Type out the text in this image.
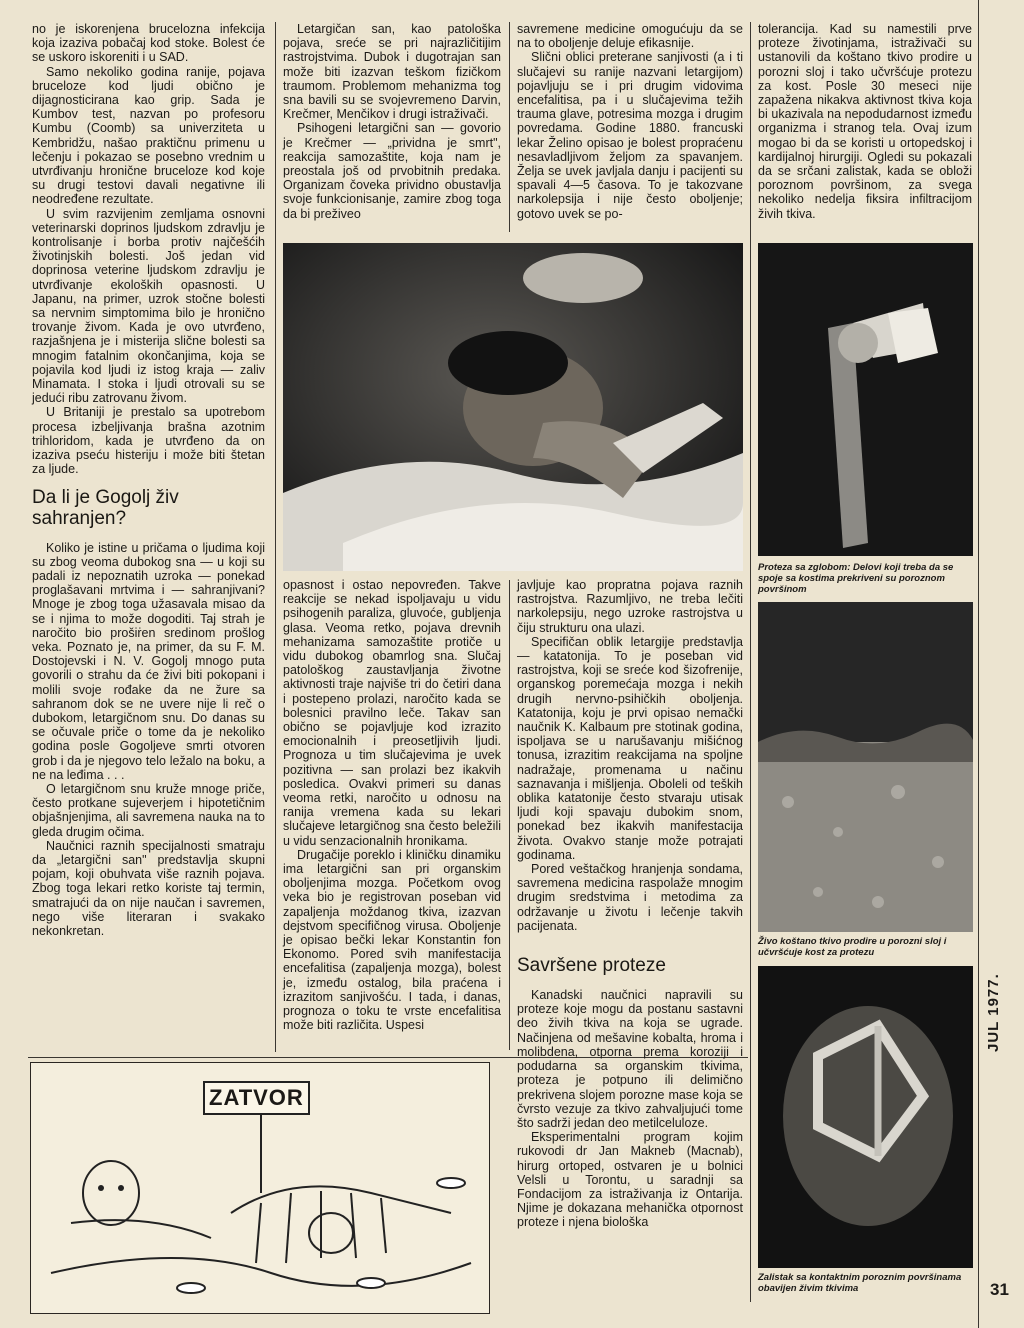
no je iskorenjena brucelozna infekcija koja izaziva pobačaj kod stoke. Bolest će se uskoro iskoreniti i u SAD.

Samo nekoliko godina ranije, pojava bruceloze kod ljudi obično je dijagnosticirana kao grip. Sada je Kumbov test, nazvan po profesoru Kumbu (Coomb) sa univerziteta u Kembridžu, našao praktičnu primenu u lečenju i pokazao se posebno vrednim u utvrđivanju hronične bruceloze kod koje su drugi testovi davali negativne ili neodređene rezultate.

U svim razvijenim zemljama osnovni veterinarski doprinos ljudskom zdravlju je kontrolisanje i borba protiv najčešćih životinjskih bolesti. Još jedan vid doprinosa veterine ljudskom zdravlju je utvrđivanje ekoloških opasnosti. U Japanu, na primer, uzrok stočne bolesti sa nervnim simptomima bilo je hronično trovanje živom. Kada je ovo utvrđeno, razjašnjena je i misterija slične bolesti sa mnogim fatalnim okončanjima, koja se pojavila kod ljudi iz istog kraja — zaliv Minamata. I stoka i ljudi otrovali su se jedući ribu zatrovanu živom.

U Britaniji je prestalo sa upotrebom procesa izbeljivanja brašna azotnim trihloridom, kada je utvrđeno da on izaziva pseću histeriju i može biti štetan za ljude.

Da li je Gogolj živ sahranjen?

Koliko je istine u pričama o ljudima koji su zbog veoma dubokog sna — u koji su padali iz nepoznatih uzroka — ponekad proglašavani mrtvima i — sahranjivani? Mnoge je zbog toga užasavala misao da se i njima to može dogoditi. Taj strah je naročito bio prošiṙen sredinom prošlog veka. Poznato je, na primer, da su F. M. Dostojevski i N. V. Gogolj mnogo puta govorili o strahu da će živi biti pokopani i molili svoje rođake da ne žure sa sahranom dok se ne uvere nije li reč o dubokom, letargičnom snu. Do danas su se očuvale priče o tome da je nekoliko godina posle Gogoljeve smrti otvoren grob i da je njegovo telo ležalo na boku, a ne na leđima . . .

O letargičnom snu kruže mnoge priče, često protkane sujeverjem i hipotetičnim objašnjenjima, ali savremena nauka na to gleda drugim očima.

Naučnici raznih specijalnosti smatraju da „letargični san" predstavlja skupni pojam, koji obuhvata više raznih pojava. Zbog toga lekari retko koriste taj termin, smatrajući da on nije naučan i savremen, nego više literaran i svakako nekonkretan.

Letargičan san, kao patološka pojava, sreće se pri najrazličitijim rastrojstvima. Dubok i dugotrajan san može biti izazvan teškom fizičkom traumom. Problemom mehanizma tog sna bavili su se svojevremeno Darvin, Krečmer, Menčikov i drugi istraživači.

Psihogeni letargični san — govorio je Krečmer — „prividna je smrt", reakcija samozaštite, koja nam je preostala još od prvobitnih predaka. Organizam čoveka prividno obustavlja svoje funkcionisanje, zamire zbog toga da bi preživeo

savremene medicine omogućuju da se na to oboljenje deluje efikasnije.

Slični oblici preterane sanjivosti (a i ti slučajevi su ranije nazvani letargijom) pojavljuju se i pri drugim vidovima encefalitisa, pa i u slučajevima težih trauma glave, potresima mozga i drugim povredama. Godine 1880. francuski lekar Želino opisao je bolest propraćenu nesavladljivom željom za spavanjem. Želja se uvek javljala danju i pacijenti su spavali 4—5 časova. To je takozvane narkolepsija i nije često oboljenje; gotovo uvek se po-

opasnost i ostao nepovređen. Takve reakcije se nekad ispoljavaju u vidu psihogenih paraliza, gluvoće, gubljenja glasa. Veoma retko, pojava drevnih mehanizama samozaštite protiče u vidu dubokog obamrlog sna. Slučaj patološkog zaustavljanja životne aktivnosti traje najviše tri do četiri dana i postepeno prolazi, naročito kada se bolesnici pravilno leče. Takav san obično se pojavljuje kod izrazito emocionalnih i preosetljivih ljudi. Prognoza u tim slučajevima je uvek pozitivna — san prolazi bez ikakvih posledica. Ovakvi primeri su danas veoma retki, naročito u odnosu na ranija vremena kada su lekari slučajeve letargičnog sna često beležili u vidu senzacionalnih hronikama.

Drugačije poreklo i kliničku dinamiku ima letargični san pri organskim oboljenjima mozga. Početkom ovog veka bio je registrovan poseban vid zapaljenja moždanog tkiva, izazvan dejstvom specifičnog virusa. Oboljenje je opisao bečki lekar Konstantin fon Ekonomo. Pored svih manifestacija encefalitisa (zapaljenja mozga), bolest je, između ostalog, bila praćena i izrazitom sanjivošću. I tada, i danas, prognoza o toku te vrste encefalitisa može biti različita. Uspesi

javljuje kao propratna pojava raznih rastrojstva. Razumljivo, ne treba lečiti narkolepsiju, nego uzroke rastrojstva u čiju strukturu ona ulazi.

Specifičan oblik letargije predstavlja — katatonija. To je poseban vid rastrojstva, koji se sreće kod šizofrenije, organskog poremećaja mozga i nekih drugih nervno-psihičkih oboljenja. Katatonija, koju je prvi opisao nemački naučnik K. Kalbaum pre stotinak godina, ispoljava se u narušavanju mišićnog tonusa, izrazitim reakcijama na spoljne nadražaje, promenama u načinu saznavanja i mišljenja. Oboleli od teških oblika katatonije često stvaraju utisak ljudi koji spavaju dubokim snom, ponekad bez ikakvih manifestacija života. Ovakvo stanje može potrajati godinama.

Pored veštačkog hranjenja sondama, savremena medicina raspolaže mnogim drugim sredstvima i metodima za održavanje u životu i lečenje takvih pacijenata.

Savršene proteze

Kanadski naučnici napravili su proteze koje mogu da postanu sastavni deo živih tkiva na koja se ugrade. Načinjena od mešavine kobalta, hroma i molibdena, otporna prema koroziji i podudarna sa organskim tkivima, proteza je potpuno ili delimično prekrivena slojem porozne mase koja se čvrsto vezuje za tkivo zahvaljujući tome što sadrži jedan deo metilcelulozе.

Eksperimentalni program kojim rukovodi dr Jan Makneb (Macnab), hirurg ortoped, ostvaren je u bolnici Velsli u Torontu, u saradnji sa Fondacijom za istraživanja iz Ontarija. Njime je dokazana mehanička otpornost proteze i njena biološka

tolerancija. Kad su namestili prve proteze životinjama, istraživači su ustanovili da koštano tkivo prodire u porozni sloj i tako učvršćuje protezu za kost. Posle 30 meseci nije zapažena nikakva aktivnost tkiva koja bi ukazivala na nepodudarnost između organizma i stranog tela. Ovaj izum mogao bi da se koristi u ortopedskoj i kardijalnoj hirurgiji. Ogledi su pokazali da se srčani zalistak, kada se obloži poroznom površinom, za svega nekoliko nedelja fiksira infiltracijom živih tkiva.

Proteza sa zglobom: Delovi koji treba da se spoje sa kostima prekriveni su poroznom površinom
Živo koštano tkivo prodire u porozni sloj i učvršćuje kost za protezu
Zalistak sa kontaktnim poroznim površinama obavijen živim tkivima
ZATVOR
JUL 1977.
31
